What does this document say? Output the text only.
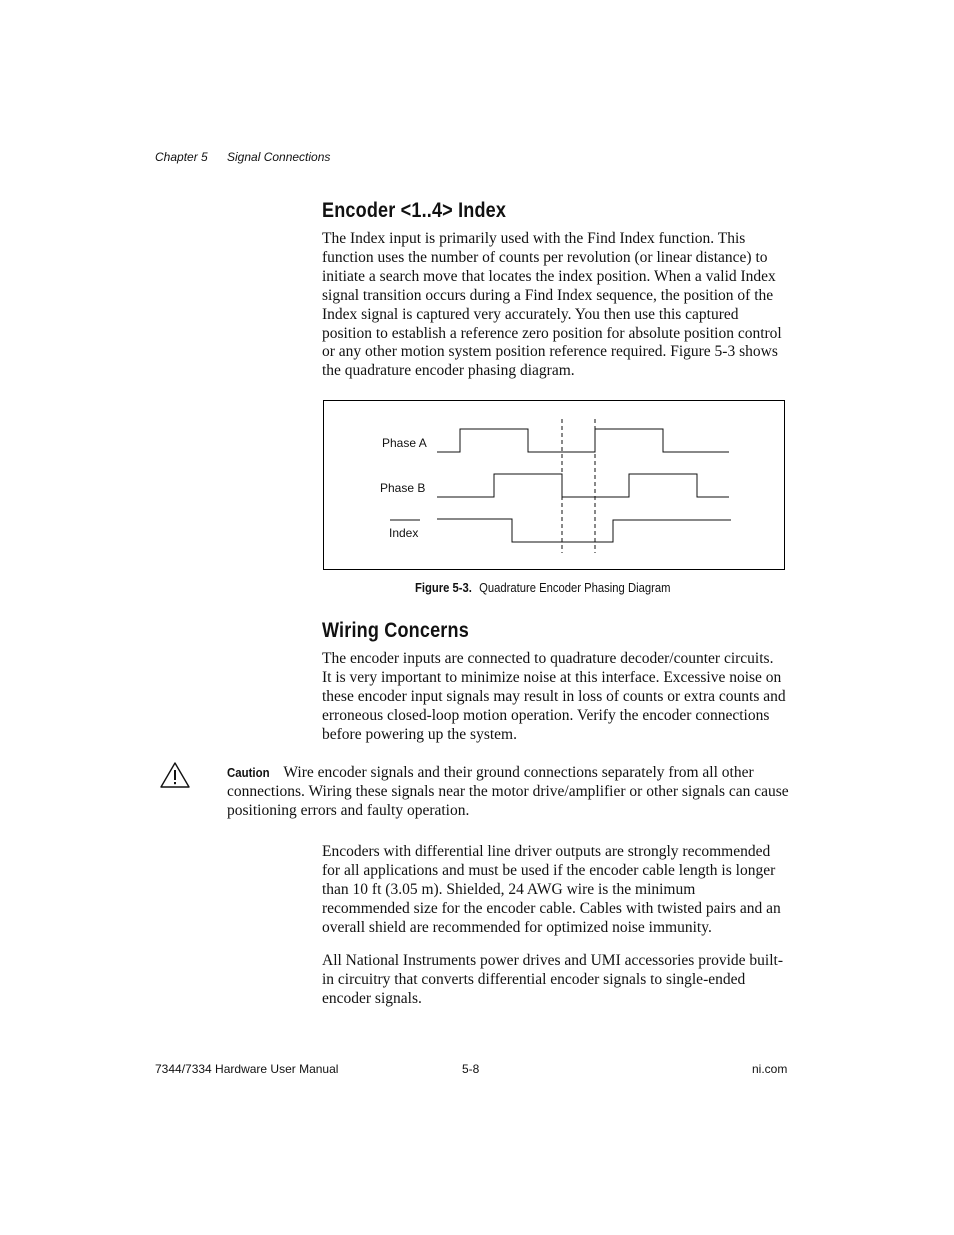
Chapter 5 Signal Connections
Encoder <1..4> Index

The Index input is primarily used with the Find Index function. This function uses the number of counts per revolution (or linear distance) to initiate a search move that locates the index position. When a valid Index signal transition occurs during a Find Index sequence, the position of the Index signal is captured very accurately. You then use this captured position to establish a reference zero position for absolute position control or any other motion system position reference required. Figure 5-3 shows the quadrature encoder phasing diagram.

Phase A
Phase B
Index
Figure 5-3. Quadrature Encoder Phasing Diagram
Wiring Concerns

The encoder inputs are connected to quadrature decoder/counter circuits. It is very important to minimize noise at this interface. Excessive noise on these encoder input signals may result in loss of counts or extra counts and erroneous closed-loop motion operation. Verify the encoder connections before powering up the system.

Caution Wire encoder signals and their ground connections separately from all other connections. Wiring these signals near the motor drive/amplifier or other signals can cause positioning errors and faulty operation.

Encoders with differential line driver outputs are strongly recommended for all applications and must be used if the encoder cable length is longer than 10 ft (3.05 m). Shielded, 24 AWG wire is the minimum recommended size for the encoder cable. Cables with twisted pairs and an overall shield are recommended for optimized noise immunity.

All National Instruments power drives and UMI accessories provide built-in circuitry that converts differential encoder signals to single-ended encoder signals.

7344/7334 Hardware User Manual	5-8	ni.com
